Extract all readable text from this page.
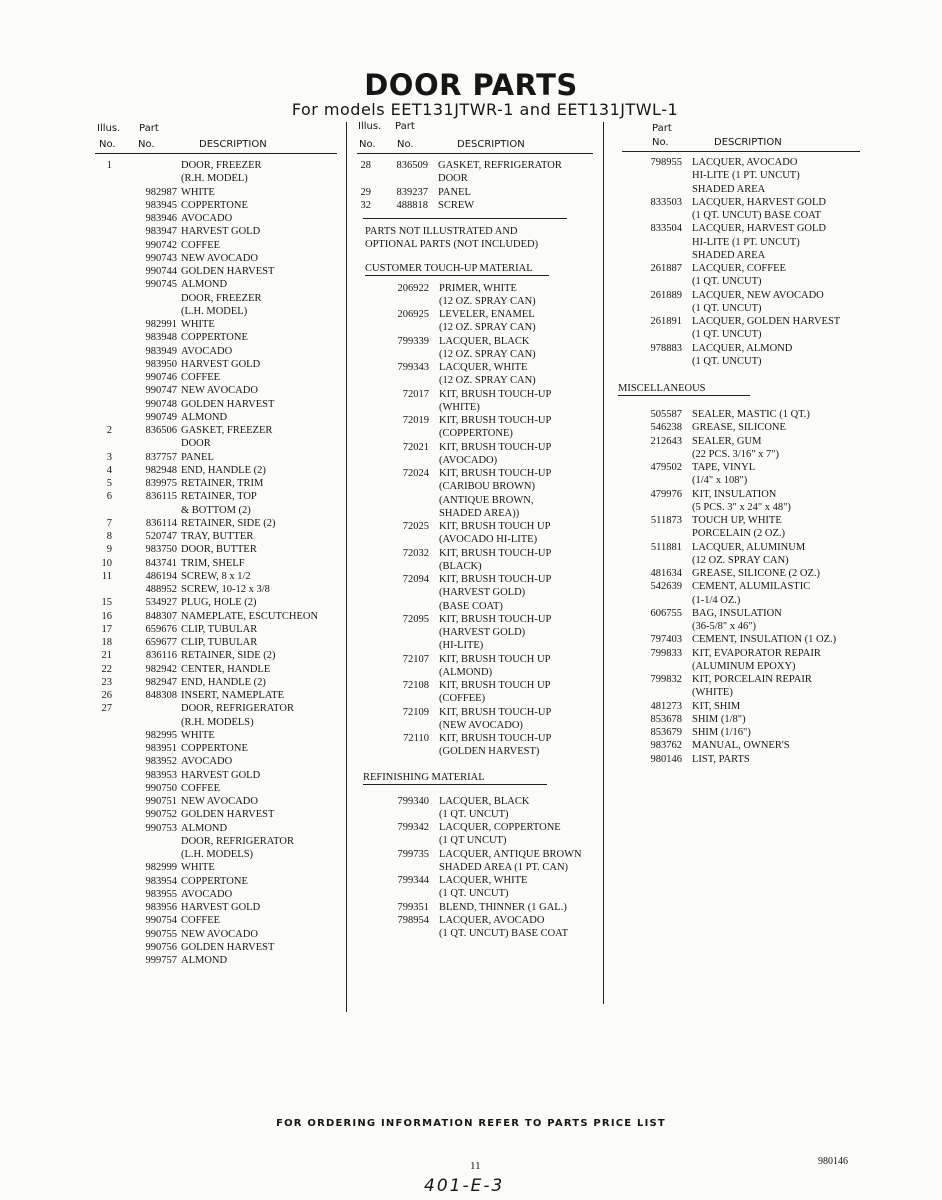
DOOR PARTS
For models EET131JTWR-1 and EET131JTWL-1
Illus. Part
No. No.	DESCRIPTION
1	DOOR, FREEZER
(R.H. MODEL)
982987 WHITE
983945 COPPERTONE
983946 AVOCADO
983947 HARVEST GOLD
990742 COFFEE
990743 NEW AVOCADO
990744 GOLDEN HARVEST
990745 ALMOND
DOOR, FREEZER
(L.H. MODEL)
982991 WHITE
983948 COPPERTONE
983949 AVOCADO
983950 HARVEST GOLD
990746 COFFEE
990747 NEW AVOCADO
990748 GOLDEN HARVEST
990749 ALMOND
2	836506 GASKET, FREEZER
DOOR
3	837757 PANEL
4	982948 END, HANDLE (2)
5	839975 RETAINER, TRIM
6	836115 RETAINER, TOP
& BOTTOM (2)
7	836114 RETAINER, SIDE (2)
8	520747 TRAY, BUTTER
9	983750 DOOR, BUTTER
10	843741 TRIM, SHELF
11	486194 SCREW, 8 x 1/2
488952 SCREW, 10-12 x 3/8
15	534927 PLUG, HOLE (2)
16	848307 NAMEPLATE, ESCUTCHEON
17	659676 CLIP, TUBULAR
18	659677 CLIP, TUBULAR
21	836116 RETAINER, SIDE (2)
22	982942 CENTER, HANDLE
23	982947 END, HANDLE (2)
26	848308 INSERT, NAMEPLATE
27	DOOR, REFRIGERATOR
(R.H. MODELS)
982995 WHITE
983951 COPPERTONE
983952 AVOCADO
983953 HARVEST GOLD
990750 COFFEE
990751 NEW AVOCADO
990752 GOLDEN HARVEST
990753 ALMOND
DOOR, REFRIGERATOR
(L.H. MODELS)
982999 WHITE
983954 COPPERTONE
983955 AVOCADO
983956 HARVEST GOLD
990754 COFFEE
990755 NEW AVOCADO
990756 GOLDEN HARVEST
999757 ALMOND
Illus. Part
No. No.	DESCRIPTION
28 836509 GASKET, REFRIGERATOR
DOOR
29 839237 PANEL
32 488818 SCREW
PARTS NOT ILLUSTRATED AND
OPTIONAL PARTS (NOT INCLUDED)
CUSTOMER TOUCH-UP MATERIAL
206922 PRIMER, WHITE
(12 OZ. SPRAY CAN)
206925 LEVELER, ENAMEL
(12 OZ. SPRAY CAN)
799339 LACQUER, BLACK
(12 OZ. SPRAY CAN)
799343 LACQUER, WHITE
(12 OZ. SPRAY CAN)
72017 KIT, BRUSH TOUCH-UP
(WHITE)
72019 KIT, BRUSH TOUCH-UP
(COPPERTONE)
72021 KIT, BRUSH TOUCH-UP
(AVOCADO)
72024 KIT, BRUSH TOUCH-UP
(CARIBOU BROWN)
(ANTIQUE BROWN,
SHADED AREA))
72025 KIT, BRUSH TOUCH UP
(AVOCADO HI-LITE)
72032 KIT, BRUSH TOUCH-UP
(BLACK)
72094 KIT, BRUSH TOUCH-UP
(HARVEST GOLD)
(BASE COAT)
72095 KIT, BRUSH TOUCH-UP
(HARVEST GOLD)
(HI-LITE)
72107 KIT, BRUSH TOUCH UP
(ALMOND)
72108 KIT, BRUSH TOUCH UP
(COFFEE)
72109 KIT, BRUSH TOUCH-UP
(NEW AVOCADO)
72110 KIT, BRUSH TOUCH-UP
(GOLDEN HARVEST)
REFINISHING MATERIAL
799340 LACQUER, BLACK
(1 QT. UNCUT)
799342 LACQUER, COPPERTONE
(1 QT UNCUT)
799735 LACQUER, ANTIQUE BROWN
SHADED AREA (1 PT. CAN)
799344 LACQUER, WHITE
(1 QT. UNCUT)
799351 BLEND, THINNER (1 GAL.)
798954 LACQUER, AVOCADO
(1 QT. UNCUT) BASE COAT
Part
No.	DESCRIPTION
798955 LACQUER, AVOCADO
HI-LITE (1 PT. UNCUT)
SHADED AREA
833503 LACQUER, HARVEST GOLD
(1 QT. UNCUT) BASE COAT
833504 LACQUER, HARVEST GOLD
HI-LITE (1 PT. UNCUT)
SHADED AREA
261887 LACQUER, COFFEE
(1 QT. UNCUT)
261889 LACQUER, NEW AVOCADO
(1 QT. UNCUT)
261891 LACQUER, GOLDEN HARVEST
(1 QT. UNCUT)
978883 LACQUER, ALMOND
(1 QT. UNCUT)
MISCELLANEOUS
505587 SEALER, MASTIC (1 QT.)
546238 GREASE, SILICONE
212643 SEALER, GUM
(22 PCS. 3/16" x 7")
479502 TAPE, VINYL
(1/4" x 108")
479976 KIT, INSULATION
(5 PCS. 3" x 24" x 48")
511873 TOUCH UP, WHITE
PORCELAIN (2 OZ.)
511881 LACQUER, ALUMINUM
(12 OZ. SPRAY CAN)
481634 GREASE, SILICONE (2 OZ.)
542639 CEMENT, ALUMILASTIC
(1-1/4 OZ.)
606755 BAG, INSULATION
(36-5/8" x 46")
797403 CEMENT, INSULATION (1 OZ.)
799833 KIT, EVAPORATOR REPAIR
(ALUMINUM EPOXY)
799832 KIT, PORCELAIN REPAIR
(WHITE)
481273 KIT, SHIM
853678 SHIM (1/8")
853679 SHIM (1/16")
983762 MANUAL, OWNER'S
980146 LIST, PARTS
FOR ORDERING INFORMATION REFER TO PARTS PRICE LIST
11	980146
401-E-3
